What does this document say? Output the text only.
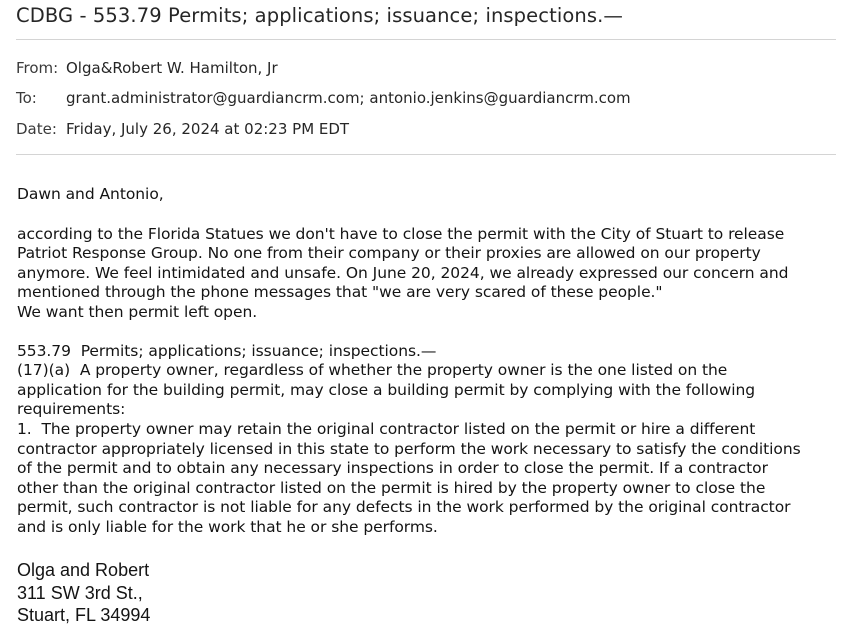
CDBG - 553.79 Permits; applications; issuance; inspections.—
From: Olga&Robert W. Hamilton, Jr
To: grant.administrator@guardiancrm.com; antonio.jenkins@guardiancrm.com
Date: Friday, July 26, 2024 at 02:23 PM EDT

Dawn and Antonio,

according to the Florida Statues we don't have to close the permit with the City of Stuart to release

Patriot Response Group. No one from their company or their proxies are allowed on our property

anymore. We feel intimidated and unsafe. On June 20, 2024, we already expressed our concern and

mentioned through the phone messages that "we are very scared of these people."

We want then permit left open.

553.79  Permits; applications; issuance; inspections.—

(17)(a)  A property owner, regardless of whether the property owner is the one listed on the

application for the building permit, may close a building permit by complying with the following

requirements:

1.  The property owner may retain the original contractor listed on the permit or hire a different

contractor appropriately licensed in this state to perform the work necessary to satisfy the conditions

of the permit and to obtain any necessary inspections in order to close the permit. If a contractor

other than the original contractor listed on the permit is hired by the property owner to close the

permit, such contractor is not liable for any defects in the work performed by the original contractor

and is only liable for the work that he or she performs.

Olga and Robert
311 SW 3rd St.,
Stuart, FL 34994
